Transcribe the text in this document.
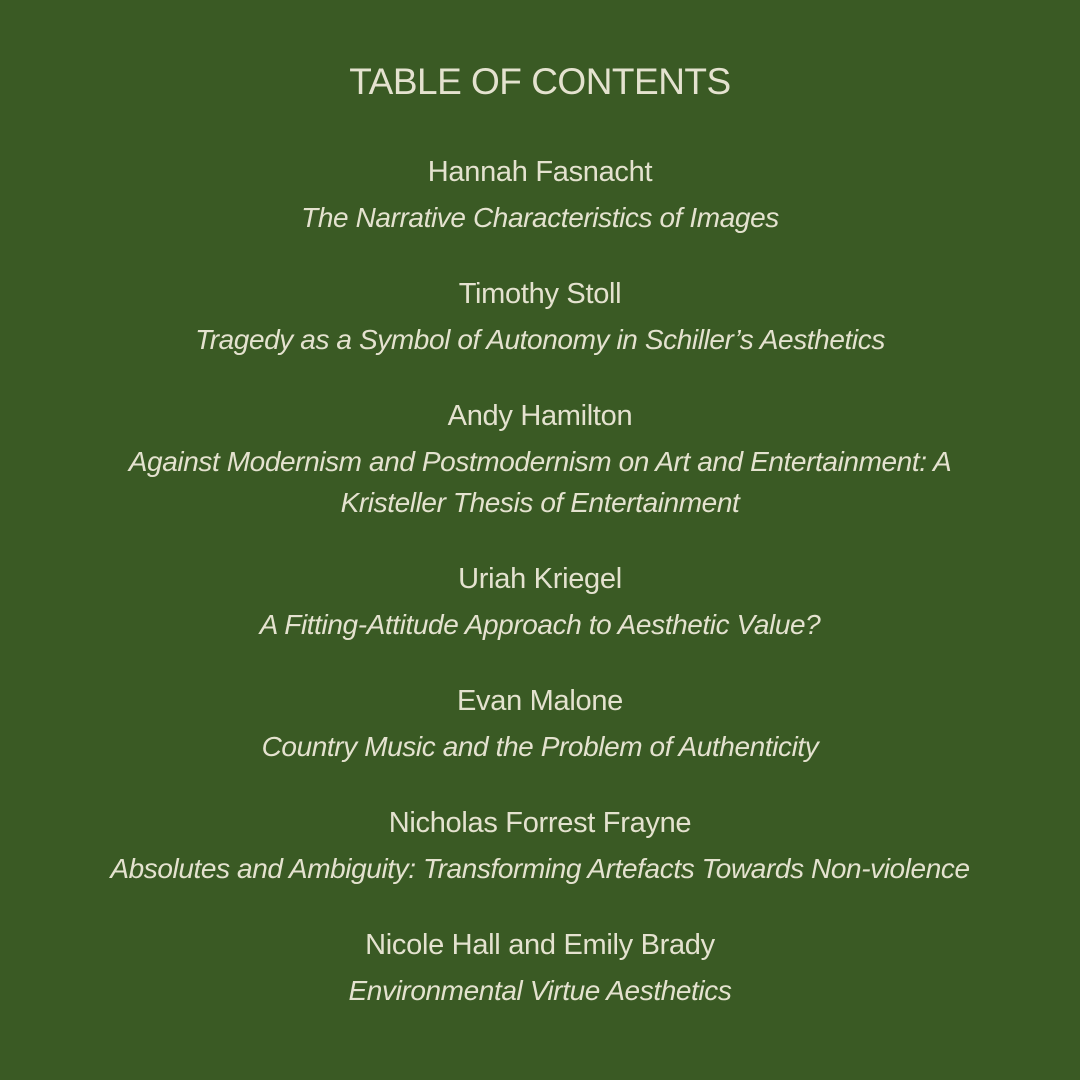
TABLE OF CONTENTS
Hannah Fasnacht
The Narrative Characteristics of Images
Timothy Stoll
Tragedy as a Symbol of Autonomy in Schiller’s Aesthetics
Andy Hamilton
Against Modernism and Postmodernism on Art and Entertainment: A Kristeller Thesis of Entertainment
Uriah Kriegel
A Fitting-Attitude Approach to Aesthetic Value?
Evan Malone
Country Music and the Problem of Authenticity
Nicholas Forrest Frayne
Absolutes and Ambiguity: Transforming Artefacts Towards Non-violence
Nicole Hall and Emily Brady
Environmental Virtue Aesthetics
